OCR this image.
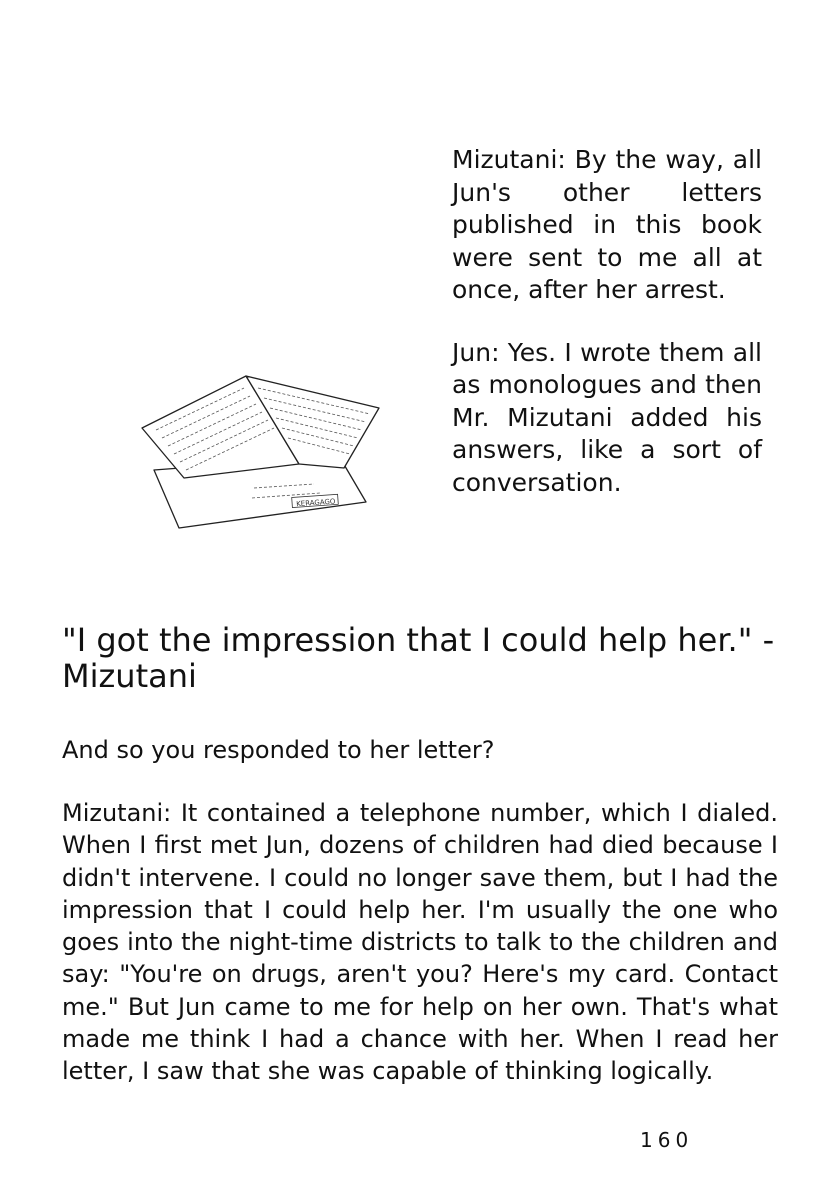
Mizutani: By the way, all Jun's other letters published in this book were sent to me all at once, after her arrest.

Jun: Yes. I wrote them all as monologues and then Mr. Mizutani added his answers, like a sort of conversation.

KERAGAGO
"I got the impression that I could help her." -Mizutani

And so you responded to her letter?

Mizutani: It contained a telephone number, which I dialed. When I first met Jun, dozens of children had died because I didn't intervene. I could no longer save them, but I had the impression that I could help her. I'm usually the one who goes into the night-time districts to talk to the children and say: "You're on drugs, aren't you? Here's my card. Contact me." But Jun came to me for help on her own. That's what made me think I had a chance with her. When I read her letter, I saw that she was capable of thinking logically.

160
